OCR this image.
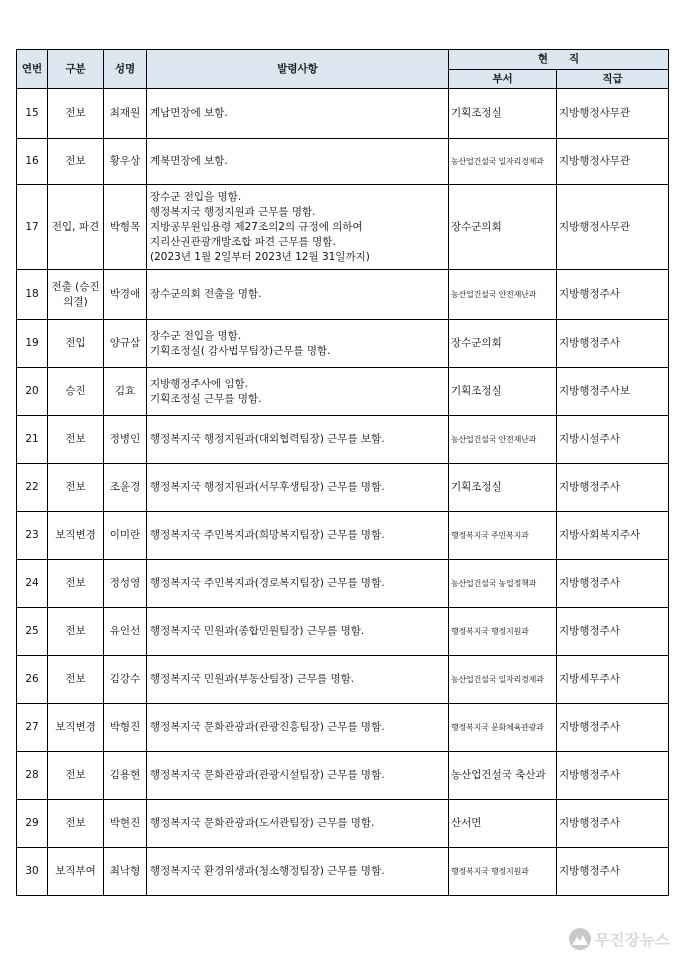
연번	구분	성명	발령사항	현　　직	
				부서	직급
15	전보	최재원	계남면장에 보함.	기획조정실	지방행정사무관
16	전보	황우상	계북면장에 보함.	농산업건설국 일자리경제과	지방행정사무관
17	전입, 파견	박형목	장수군 전입을 명함.
행정복지국 행정지원과 근무를 명함.
지방공무원임용령 제27조의2의 규정에 의하여
지리산권관광개발조합 파견 근무를 명함.
(2023년 1월 2일부터 2023년 12월 31일까지)	장수군의회	지방행정사무관
18	전출 (승진의결)	박경애	장수군의회 전출을 명함.	농산업건설국 안전재난과	지방행정주사
19	전입	양규삼	장수군 전입을 명함.
기획조정실( 감사법무팀장)근무를 명함.	장수군의회	지방행정주사
20	승진	김효	지방행정주사에 임함.
기획조정실 근무를 명함.	기획조정실	지방행정주사보
21	전보	정병인	행정복지국 행정지원과(대외협력팀장) 근무를 보함.	농산업건설국 안전재난과	지방시설주사
22	전보	조윤경	행정복지국 행정지원과(서무후생팀장) 근무를 명함.	기획조정실	지방행정주사
23	보직변경	이미란	행정복지국 주민복지과(희망복지팀장) 근무를 명함.	행정복지국 주민복지과	지방사회복지주사
24	전보	정성영	행정복지국 주민복지과(경로복지팀장) 근무를 명함.	농산업건설국 농업정책과	지방행정주사
25	전보	유인선	행정복지국 민원과(종합민원팀장) 근무를 명함.	행정복지국 행정지원과	지방행정주사
26	전보	김강수	행정복지국 민원과(부동산팀장) 근무를 명함.	농산업건설국 일자리경제과	지방세무주사
27	보직변경	박형진	행정복지국 문화관광과(관광진흥팀장) 근무를 명함.	행정복지국 문화체육관광과	지방행정주사
28	전보	김용현	행정복지국 문화관광과(관광시설팀장) 근무를 명함.	농산업건설국 축산과	지방행정주사
29	전보	박현진	행정복지국 문화관광과(도서관팀장) 근무를 명함.	산서면	지방행정주사
30	보직부여	최낙형	행정복지국 환경위생과(청소행정팀장) 근무를 명함.	행정복지국 행정지원과	지방행정주사
무진장뉴스
